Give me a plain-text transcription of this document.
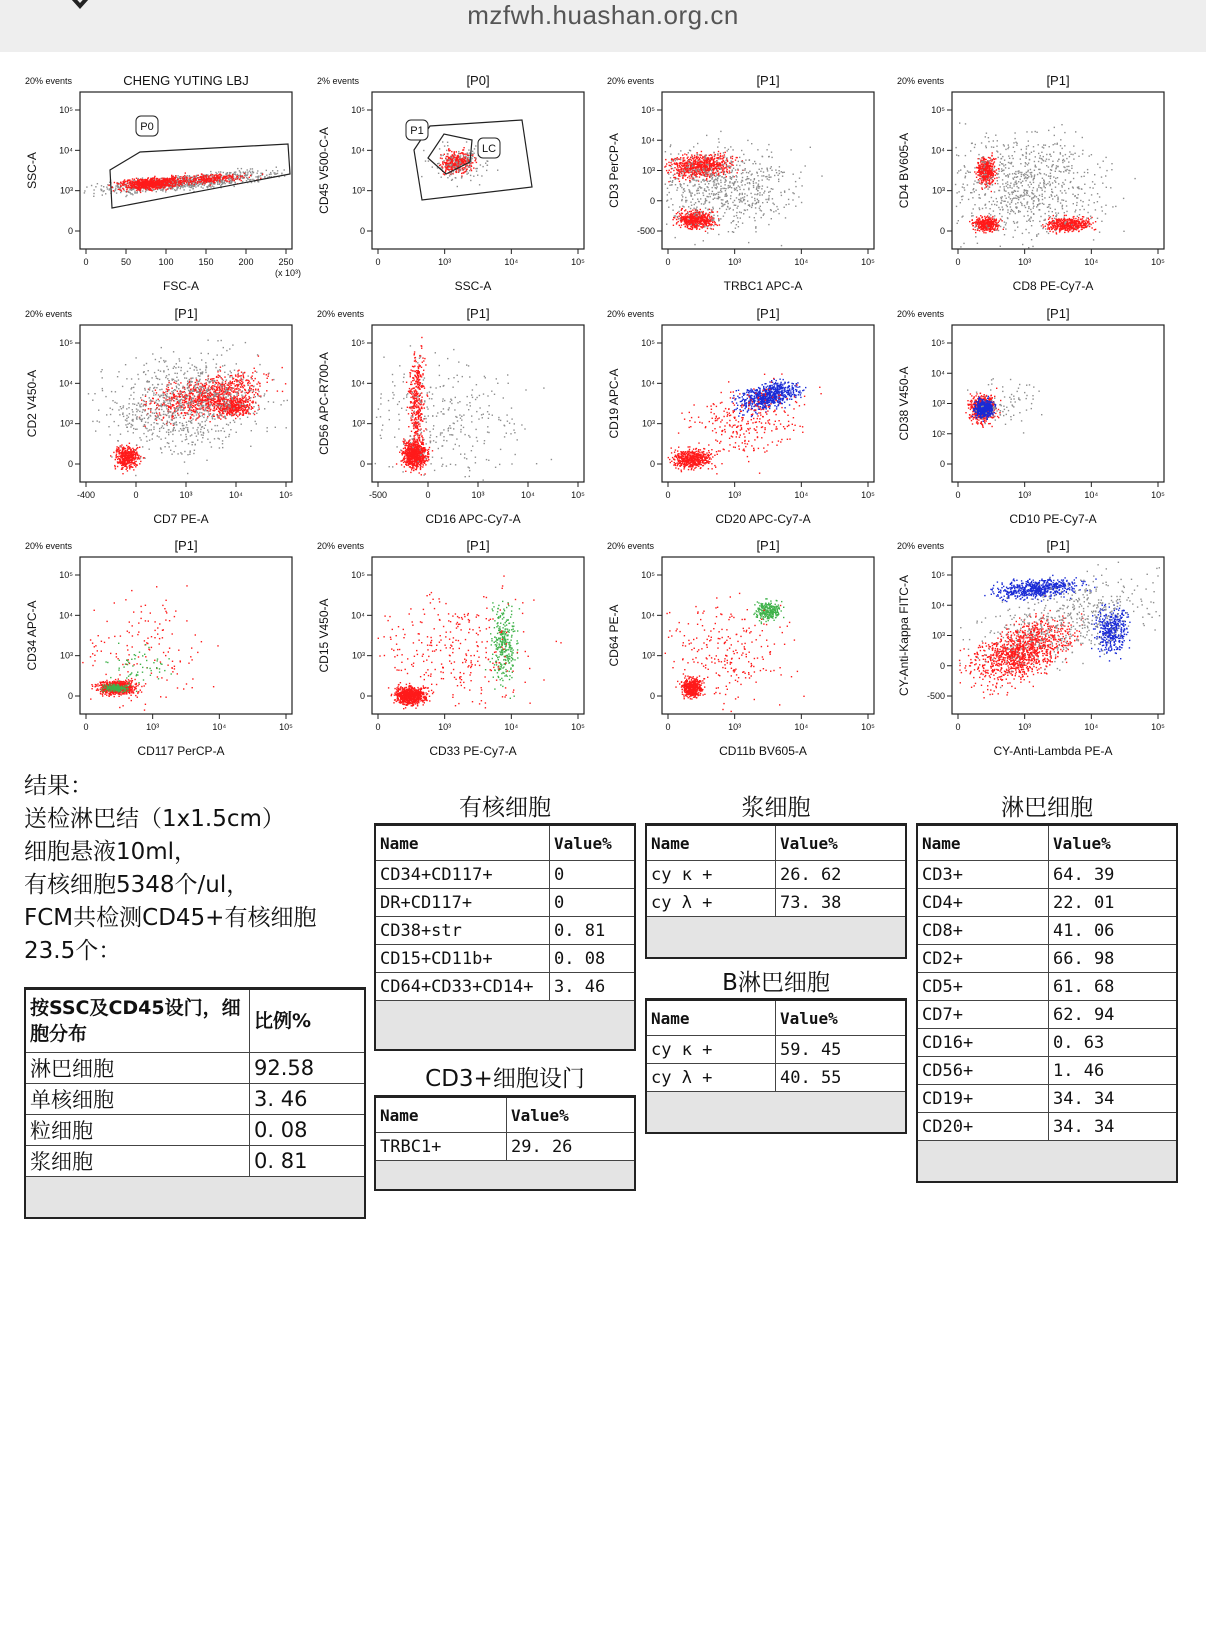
mzfwh.huashan.org.cn
20% events	CHENG YUTING LBJ
FSC-A
SSC-A
0	50	100	150	200	250
(x 10³)
0
10³
10⁴
10⁵
P0
2% events	[P0]
SSC-A
CD45 V500-C-A
0	10³	10⁴	10⁵
0
10³
10⁴
10⁵
P1
LC
20% events	[P1]
TRBC1 APC-A
CD3 PerCP-A
0	10³	10⁴	10⁵
-500
0
10³
10⁴
10⁵
20% events	[P1]
CD8 PE-Cy7-A
CD4 BV605-A
0	10³	10⁴	10⁵
0
10³
10⁴
10⁵
20% events	[P1]
CD7 PE-A
CD2 V450-A
-400	0	10³	10⁴	10⁵
0
10³
10⁴
10⁵
20% events	[P1]
CD16 APC-Cy7-A
CD56 APC-R700-A
-500	0	10³	10⁴	10⁵
0
10³
10⁴
10⁵
20% events	[P1]
CD20 APC-Cy7-A
CD19 APC-A
0	10³	10⁴	10⁵
0
10³
10⁴
10⁵
20% events	[P1]
CD10 PE-Cy7-A
CD38 V450-A
0	10³	10⁴	10⁵
0
10²
10³
10⁴
10⁵
20% events	[P1]
CD117 PerCP-A
CD34 APC-A
0	10³	10⁴	10⁵
0
10³
10⁴
10⁵
20% events	[P1]
CD33 PE-Cy7-A
CD15 V450-A
0	10³	10⁴	10⁵
0
10³
10⁴
10⁵
20% events	[P1]
CD11b BV605-A
CD64 PE-A
0	10³	10⁴	10⁵
0
10³
10⁴
10⁵
20% events	[P1]
CY-Anti-Lambda PE-A
CY-Anti-Kappa FITC-A
0	10³	10⁴	10⁵
-500
0
10³
10⁴
10⁵
结果：
送检淋巴结（1x1.5cm）
细胞悬液10ml，
有核细胞5348个/ul，
FCM共检测CD45+有核细胞
23.5个：
按SSC及CD45设门，细胞分布	比例%
淋巴细胞	92.58
单核细胞	3. 46
粒细胞	0. 08
浆细胞	0. 81

有核细胞
Name	Value%
CD34+CD117+	0
DR+CD117+	0
CD38+str	0. 81
CD15+CD11b+	0. 08
CD64+CD33+CD14+	3. 46

CD3+细胞设门
Name	Value%
TRBC1+	29. 26

浆细胞
Name	Value%
cy κ +	26. 62
cy λ +	73. 38

B淋巴细胞
Name	Value%
cy κ +	59. 45
cy λ +	40. 55

淋巴细胞
Name	Value%
CD3+	64. 39
CD4+	22. 01
CD8+	41. 06
CD2+	66. 98
CD5+	61. 68
CD7+	62. 94
CD16+	0. 63
CD56+	1. 46
CD19+	34. 34
CD20+	34. 34
